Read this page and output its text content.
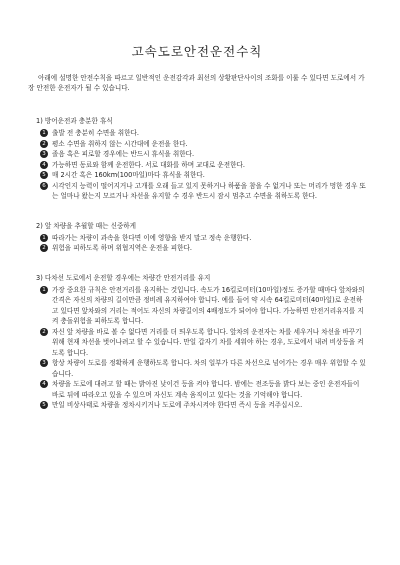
고속도로안전운전수칙

아래에 설명한 안전수칙을 따르고 일반적인 운전감각과 최선의 상황판단사이의 조화를 이룰 수 있다면 도로에서 가장 안전한 운전자가 될 수 있습니다.

1) 방어운전과 충분한 휴식
1 출발 전 충분히 수면을 취한다.
2 평소 수면을 취하지 않는 시간대에 운전을 한다.
3 졸음 혹은 피로할 경우에는 반드시 휴식을 취한다.
4 가능하면 동료와 함께 운전한다. 서로 대화를 하며 교대로 운전한다.
5 매 2시간 혹은 160km(100마일)마다 휴식을 취한다.
6 시각인지 능력이 떨어지거나 고개를 오래 들고 있지 못하거나 하품을 참을 수 없거나 또는 머리가 멍한 경우 또는 얼마나 왔는지 모르거나 차선을 유지할 수 경우 반드시 잠시 멈추고 수면을 취하도록 한다.
2) 앞 차량을 추월할 때는 신중하게
1 따라가는 차량이 과속을 한다면 이에 영향을 받지 말고 정속 운행한다.
2 위험을 피하도록 하며 위협지역은 운전을 피한다.
3) 다차선 도로에서 운전할 경우에는 차량간 안전거리를 유지
1 가장 중요한 규칙은 안전거리를 유지하는 것입니다. 속도가 16킬로미터(10마일)정도 증가할 때마다 앞차와의 간격은 자신의 차량의 길이만큼 정비례 유지하여야 합니다. 예를 들어 약 시속 64킬로미터(40마일)로 운전하고 있다면 앞차와의 거리는 적어도 자신의 차량길이의 4배정도가 되어야 합니다. 가능하면 안전거리유지를 지켜 충돌위험을 피하도록 합니다.
2 자신 앞 차량을 바로 볼 수 없다면 거리를 더 띄우도록 합니다. 앞차의 운전자는 차를 세우거나 차선을 바꾸기 위해 현재 차선을 벗어나려고 할 수 있습니다. 만일 갑자기 차를 세워야 하는 경우, 도로에서 내려 비상등을 켜도록 합니다.
3 항상 차량이 도로를 정확하게 운행하도록 합니다. 차의 일부가 다른 차선으로 넘어가는 경우 매우 위험할 수 있습니다.
4 차량을 도로에 대려고 할 때는 밝아진 낮이건 등을 켜야 합니다. 밤에는 전조등을 밝다 보는 중인 운전자들이 바로 뒤에 따라오고 있을 수 있으며 자신도 계속 움직이고 있다는 것을 기억해야 합니다.
5 만일 비상사태로 차량을 정차시키거나 도로에 주차시켜야 한다면 즉시 등을 켜주십시오.
